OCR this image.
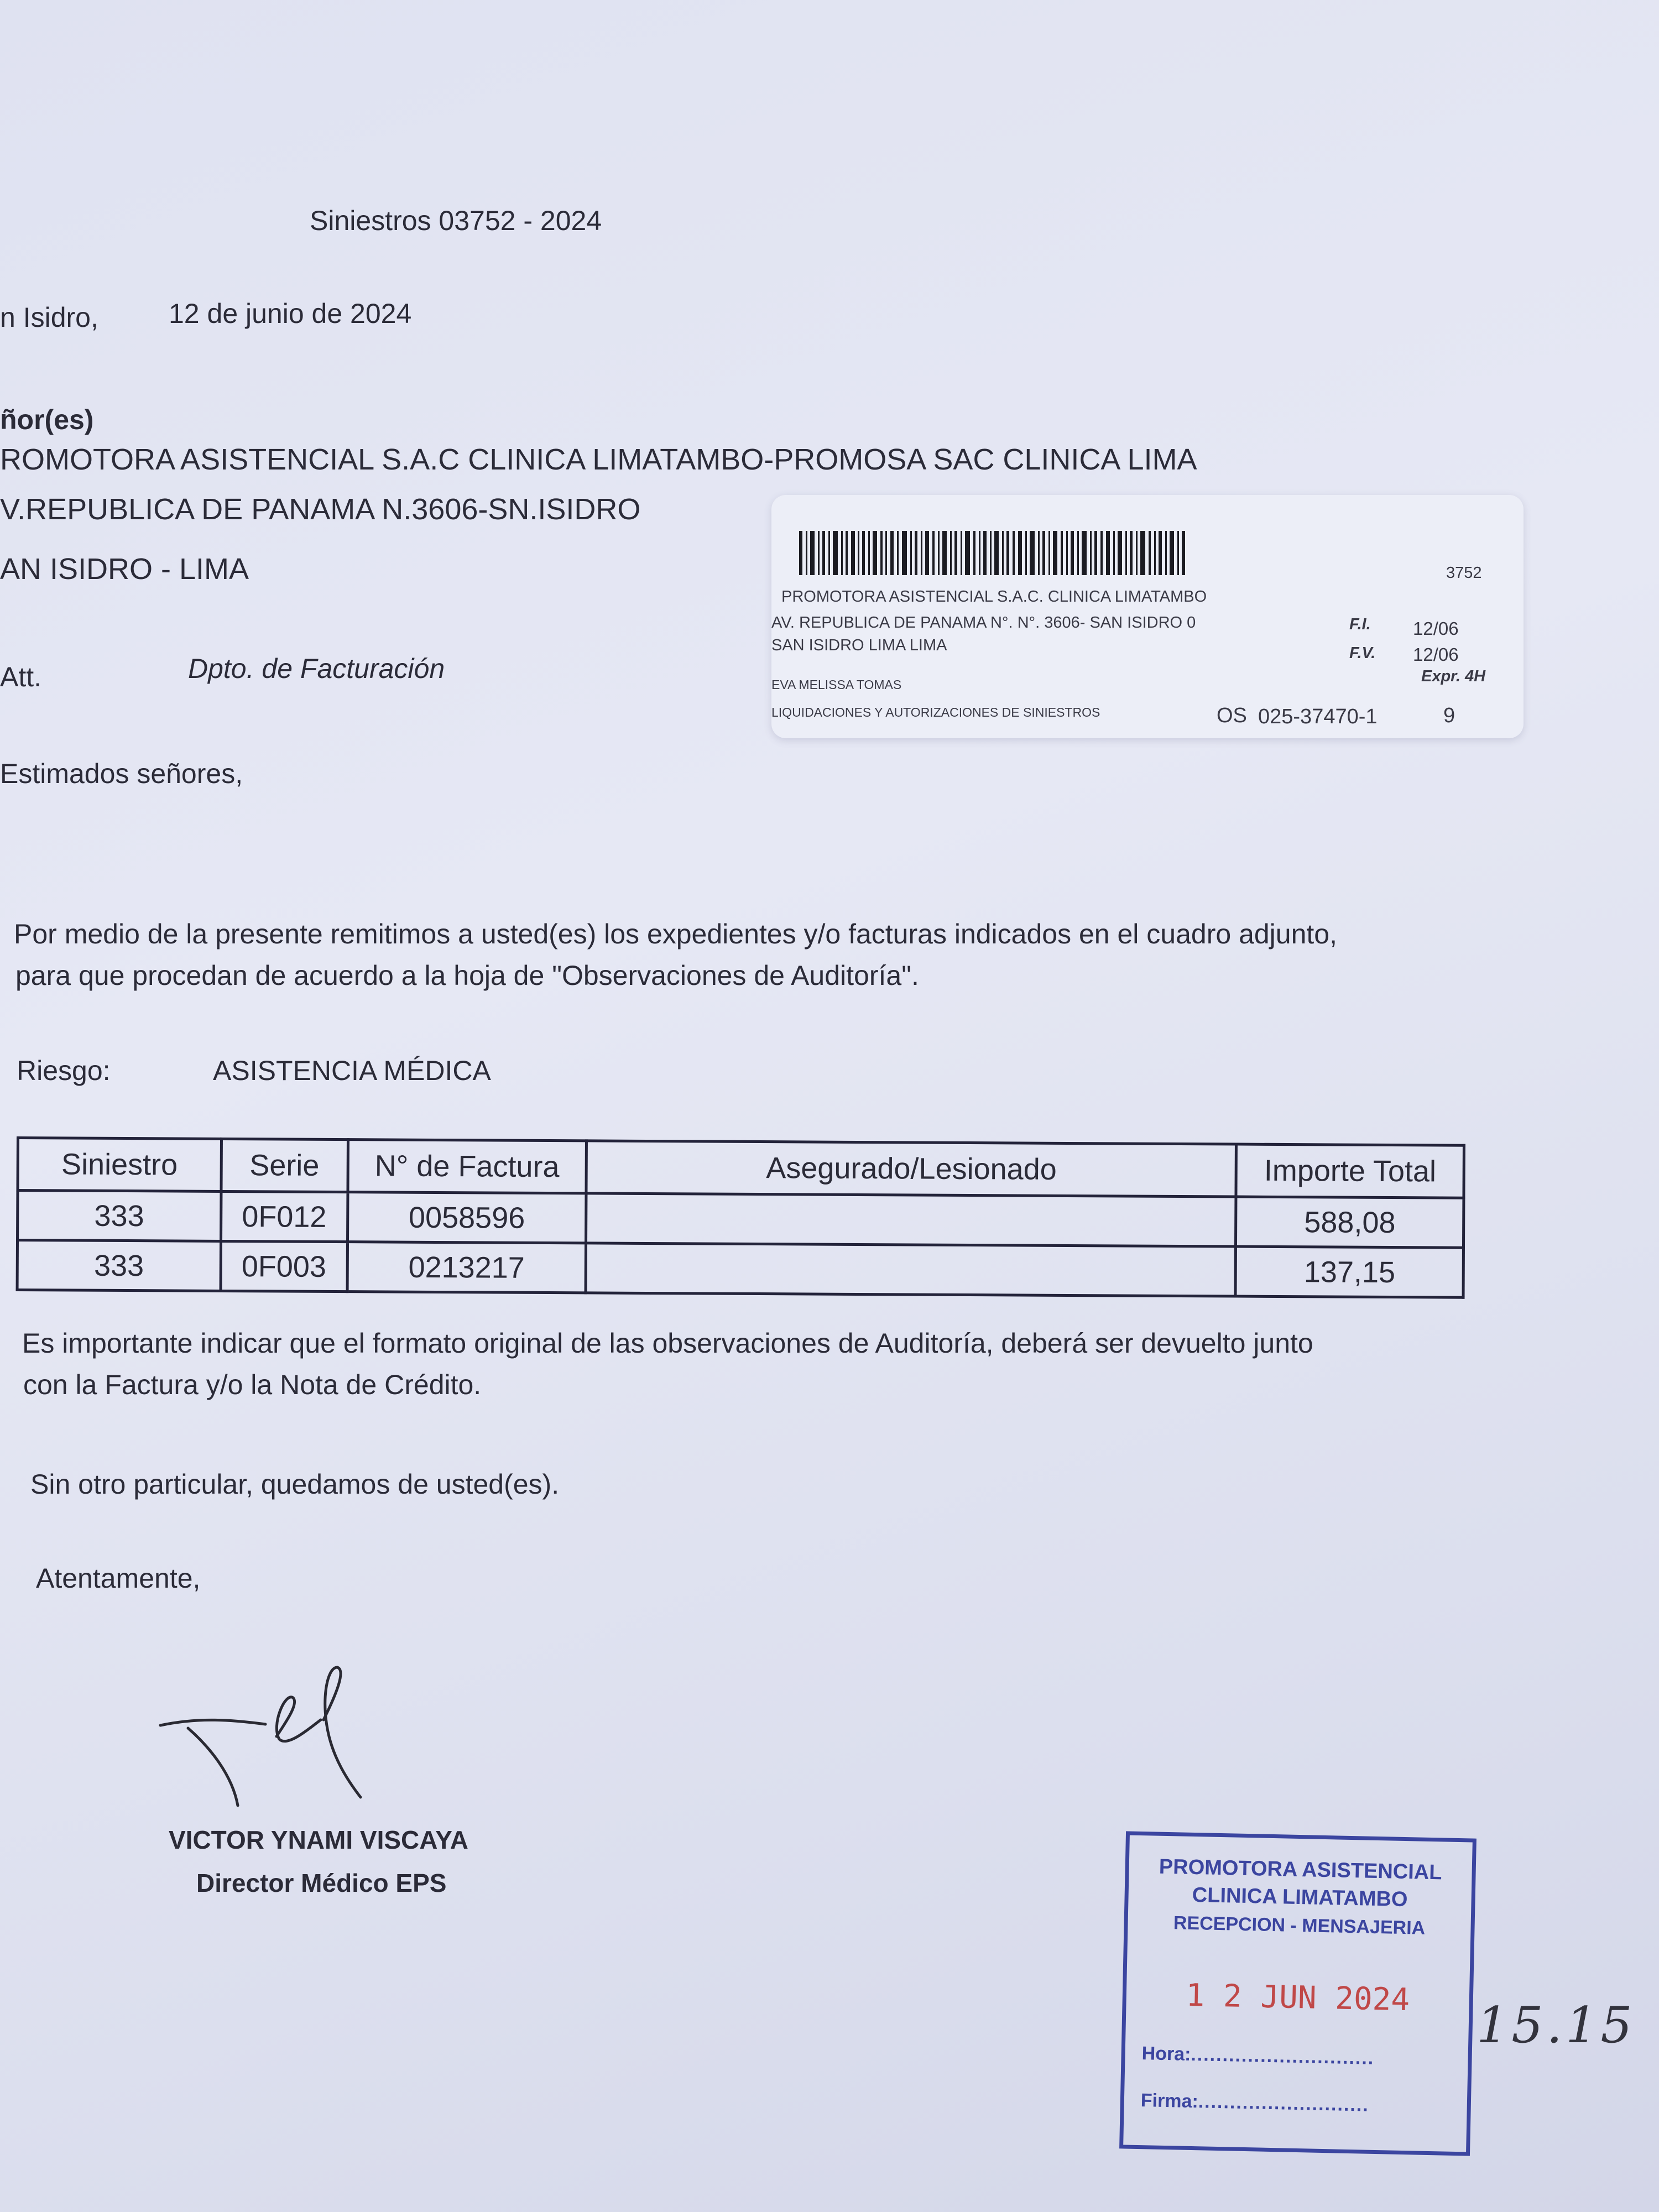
Siniestros 03752 - 2024
n Isidro,	12 de junio de 2024
ñor(es)
ROMOTORA ASISTENCIAL S.A.C CLINICA LIMATAMBO-PROMOSA SAC CLINICA LIMA
V.REPUBLICA DE PANAMA N.3606-SN.ISIDRO
AN ISIDRO - LIMA
Att.	Dpto. de Facturación
3752
PROMOTORA ASISTENCIAL S.A.C. CLINICA LIMATAMBO
AV. REPUBLICA DE PANAMA N°. N°. 3606- SAN ISIDRO 0
SAN ISIDRO LIMA LIMA
F.I. 12/06
F.V. 12/06
Expr. 4H
EVA MELISSA TOMAS
LIQUIDACIONES Y AUTORIZACIONES DE SINIESTROS	OS 025-37470-1	9
Estimados señores,
Por medio de la presente remitimos a usted(es) los expedientes y/o facturas indicados en el cuadro adjunto,
para que procedan de acuerdo a la hoja de "Observaciones de Auditoría".
Riesgo:	ASISTENCIA MÉDICA
Siniestro	Serie	N° de Factura	Asegurado/Lesionado	Importe Total
333	0F012	0058596		588,08
333	0F003	0213217		137,15
Es importante indicar que el formato original de las observaciones de Auditoría, deberá ser devuelto junto
con la Factura y/o la Nota de Crédito.
Sin otro particular, quedamos de usted(es).
Atentamente,
VICTOR YNAMI VISCAYA
Director Médico EPS	PROMOTORA ASISTENCIAL
CLINICA LIMATAMBO
RECEPCION - MENSAJERIA
1 2 JUN 2024
Hora:.............................
Firma:...........................
15.15
